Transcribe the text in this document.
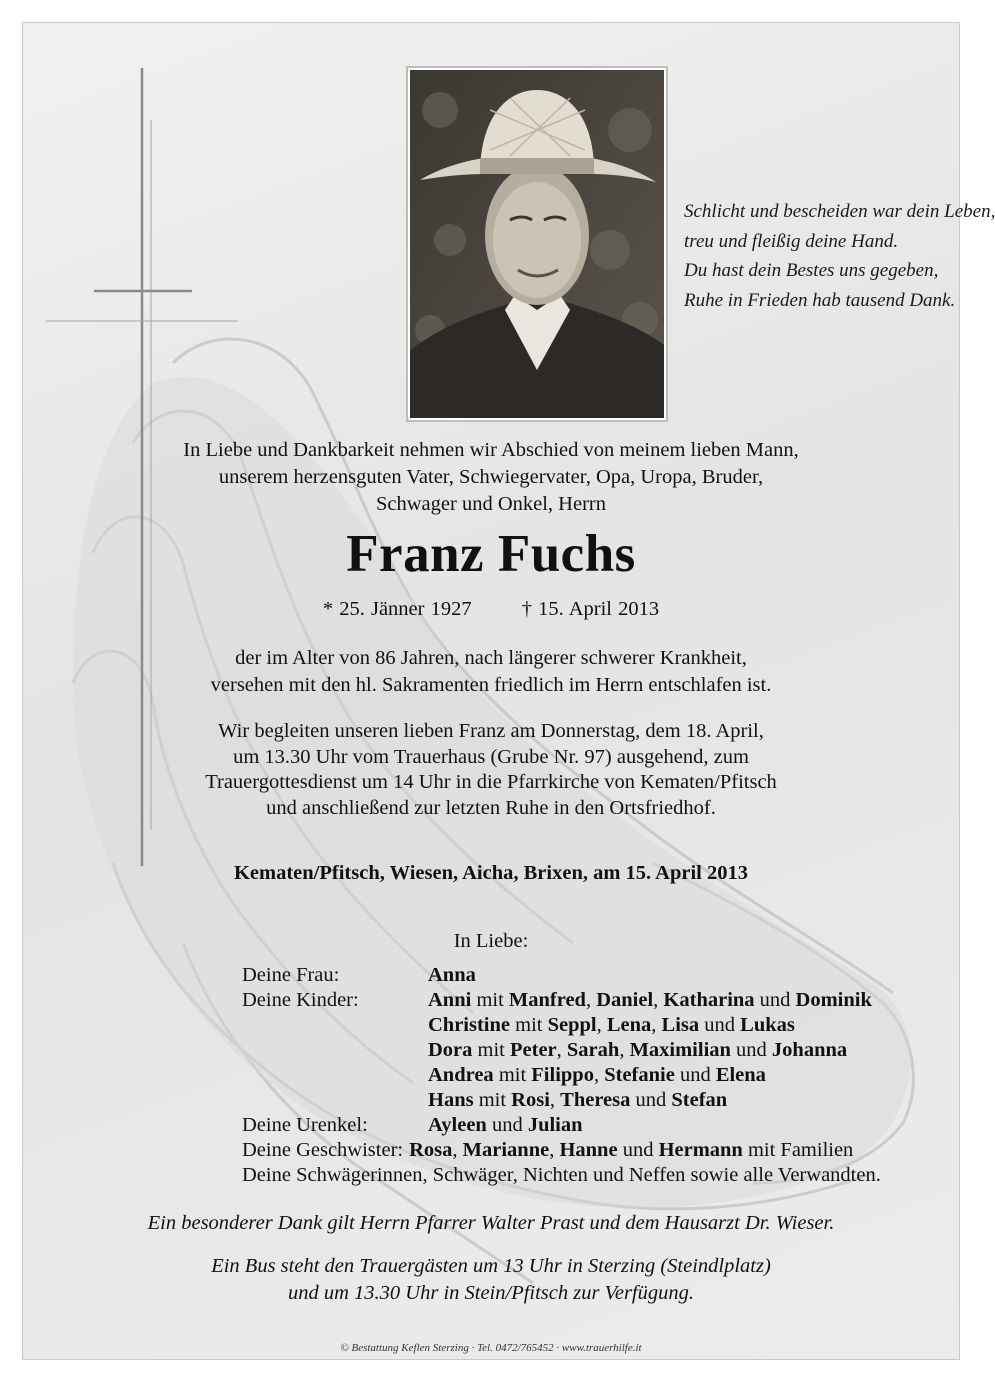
Schlicht und bescheiden war dein Leben,
treu und fleißig deine Hand.
Du hast dein Bestes uns gegeben,
Ruhe in Frieden hab tausend Dank.
In Liebe und Dankbarkeit nehmen wir Abschied von meinem lieben Mann,
unserem herzensguten Vater, Schwiegervater, Opa, Uropa, Bruder,
Schwager und Onkel, Herrn
Franz Fuchs
* 25. Jänner 1927 † 15. April 2013
der im Alter von 86 Jahren, nach längerer schwerer Krankheit,
versehen mit den hl. Sakramenten friedlich im Herrn entschlafen ist.
Wir begleiten unseren lieben Franz am Donnerstag, dem 18. April,
um 13.30 Uhr vom Trauerhaus (Grube Nr. 97) ausgehend, zum
Trauergottesdienst um 14 Uhr in die Pfarrkirche von Kematen/Pfitsch
und anschließend zur letzten Ruhe in den Ortsfriedhof.
Kematen/Pfitsch, Wiesen, Aicha, Brixen, am 15. April 2013
In Liebe:
Deine Frau:	Anna
Deine Kinder:	Anni mit Manfred, Daniel, Katharina und Dominik
Christine mit Seppl, Lena, Lisa und Lukas
Dora mit Peter, Sarah, Maximilian und Johanna
Andrea mit Filippo, Stefanie und Elena
Hans mit Rosi, Theresa und Stefan
Deine Urenkel:	Ayleen und Julian
Deine Geschwister: Rosa, Marianne, Hanne und Hermann mit Familien
Deine Schwägerinnen, Schwäger, Nichten und Neffen sowie alle Verwandten.
Ein besonderer Dank gilt Herrn Pfarrer Walter Prast und dem Hausarzt Dr. Wieser.
Ein Bus steht den Trauergästen um 13 Uhr in Sterzing (Steindlplatz)
und um 13.30 Uhr in Stein/Pfitsch zur Verfügung.
© Bestattung Keflen Sterzing · Tel. 0472/765452 · www.trauerhilfe.it
